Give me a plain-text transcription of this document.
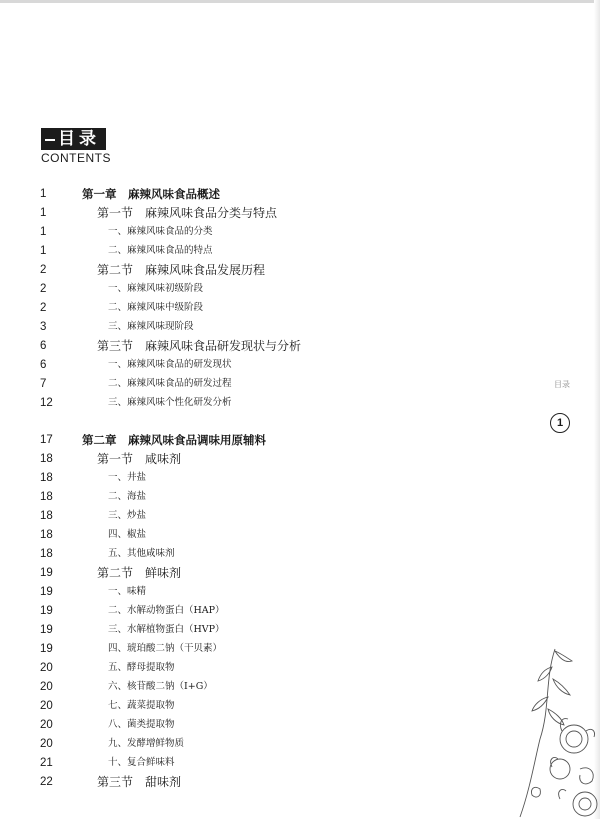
目录
CONTENTS
1	第一章　麻辣风味食品概述
1	第一节　麻辣风味食品分类与特点
1	一、麻辣风味食品的分类
1	二、麻辣风味食品的特点
2	第二节　麻辣风味食品发展历程
2	一、麻辣风味初级阶段
2	二、麻辣风味中级阶段
3	三、麻辣风味现阶段
6	第三节　麻辣风味食品研发现状与分析
6	一、麻辣风味食品的研发现状
7	二、麻辣风味食品的研发过程
12	三、麻辣风味个性化研发分析
17	第二章　麻辣风味食品调味用原辅料
18	第一节　咸味剂
18	一、井盐
18	二、海盐
18	三、炒盐
18	四、椒盐
18	五、其他咸味剂
19	第二节　鲜味剂
19	一、味精
19	二、水解动物蛋白（HAP）
19	三、水解植物蛋白（HVP）
19	四、琥珀酸二钠（干贝素）
20	五、酵母提取物
20	六、核苷酸二钠（I+G）
20	七、蔬菜提取物
20	八、菌类提取物
20	九、发酵增鲜物质
21	十、复合鲜味料
22	第三节　甜味剂
目录
1
